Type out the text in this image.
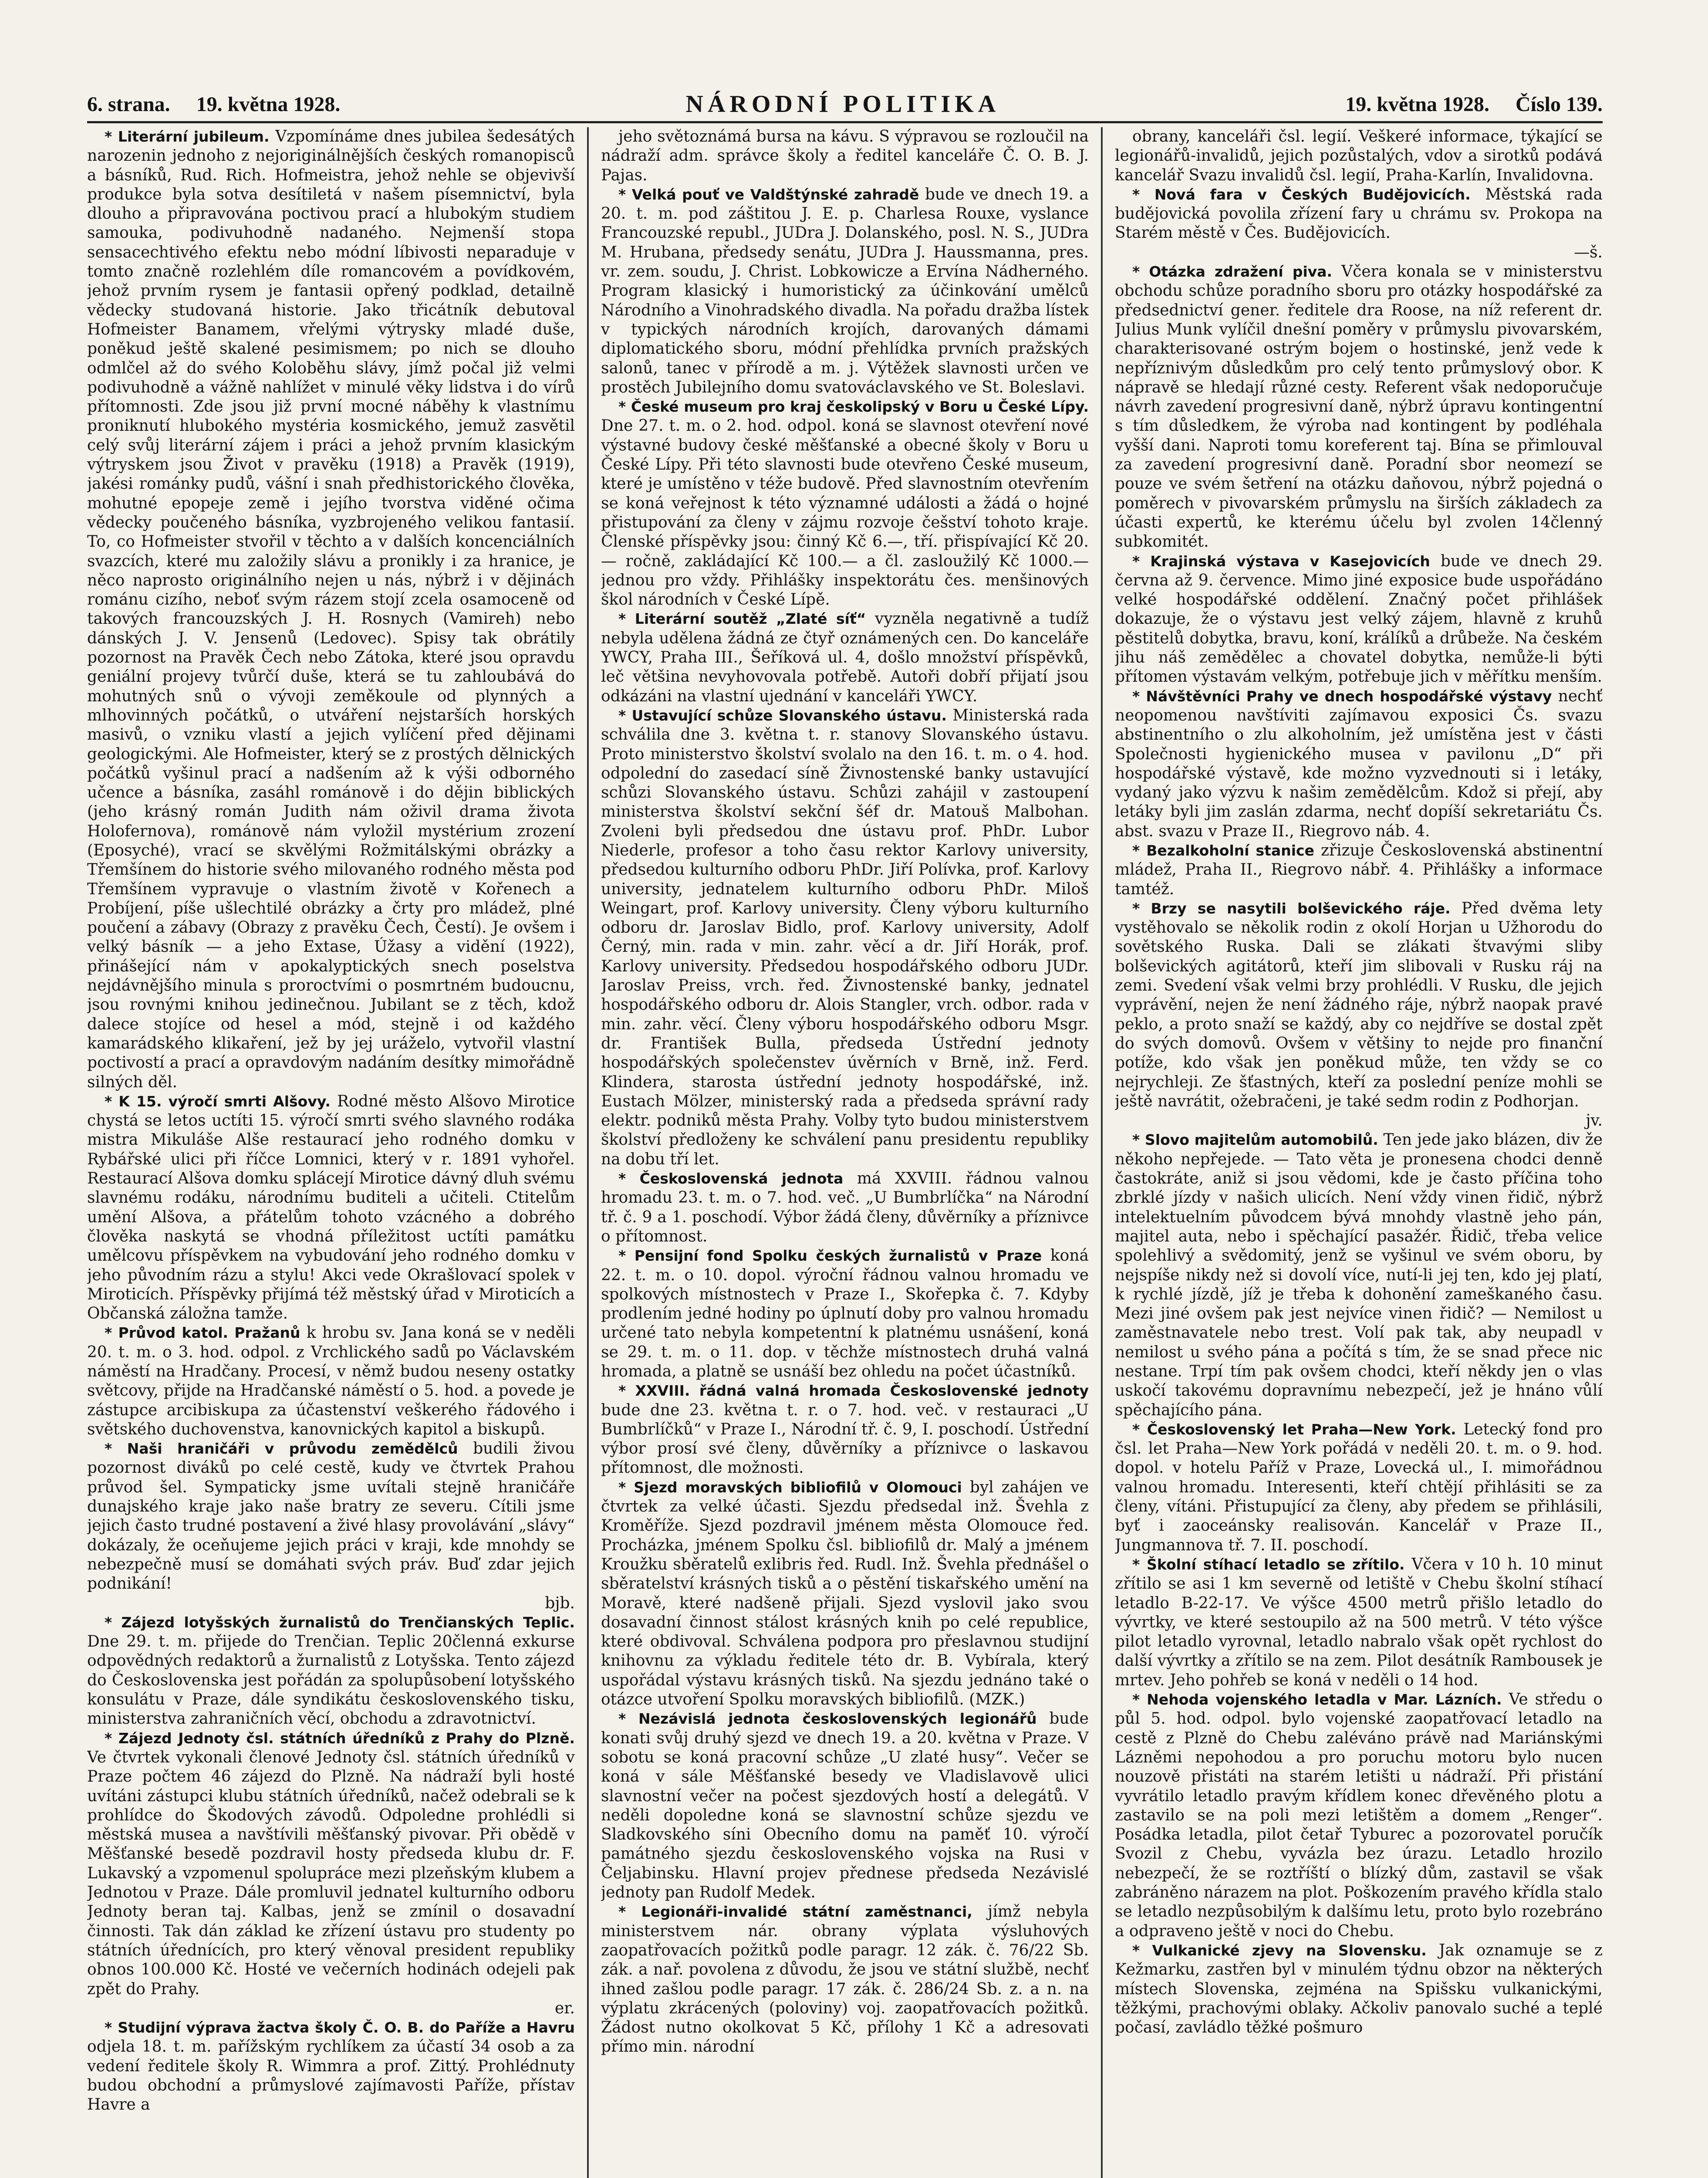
6. strana. 19. května 1928.	NÁRODNÍ POLITIKA	19. května 1928. Číslo 139.

* Literární jubileum. Vzpomínáme dnes jubilea šedesátých narozenin jednoho z nejoriginálnějších českých romanopisců a básníků, Rud. Rich. Hofmeistra, jehož nehle se objevivší produkce byla sotva desítiletá v našem písemnictví, byla dlouho a připravována poctivou prací a hlubokým studiem samouka, podivuhodně nadaného. Nejmenší stopa sensacechtivého efektu nebo módní líbivosti neparaduje v tomto značně rozlehlém díle romancovém a povídkovém, jehož prvním rysem je fantasii opřený podklad, detailně vědecky studovaná historie. Jako třicátník debutoval Hofmeister Banamem, vřelými výtrysky mladé duše, poněkud ještě skalené pesimismem; po nich se dlouho odmlčel až do svého Koloběhu slávy, jímž počal již velmi podivuhodně a vážně nahlížet v minulé věky lidstva i do vírů přítomnosti. Zde jsou již první mocné náběhy k vlastnímu proniknutí hlubokého mystéria kosmického, jemuž zasvětil celý svůj literární zájem i práci a jehož prvním klasickým výtryskem jsou Život v pravěku (1918) a Pravěk (1919), jakési románky pudů, vášní i snah předhistorického člověka, mohutné epopeje země i jejího tvorstva viděné očima vědecky poučeného básníka, vyzbrojeného velikou fantasií. To, co Hofmeister stvořil v těchto a v dalších koncenciálních svazcích, které mu založily slávu a pronikly i za hranice, je něco naprosto originálního nejen u nás, nýbrž i v dějinách románu cizího, neboť svým rázem stojí zcela osamoceně od takových francouzských J. H. Rosnych (Vamireh) nebo dánských J. V. Jensenů (Ledovec). Spisy tak obrátily pozornost na Pravěk Čech nebo Zátoka, které jsou opravdu geniální projevy tvůrčí duše, která se tu zahloubává do mohutných snů o vývoji zeměkoule od plynných a mlhovinných počátků, o utváření nejstarších horských masivů, o vzniku vlastí a jejich vylíčení před dějinami geologickými. Ale Hofmeister, který se z prostých dělnických počátků vyšinul prací a nadšením až k výši odborného učence a básníka, zasáhl románově i do dějin biblických (jeho krásný román Judith nám oživil drama života Holofernova), románově nám vyložil mystérium zrození (Eposyché), vrací se skvělými Rožmitálskými obrázky a Třemšínem do historie svého milovaného rodného města pod Třemšínem vypravuje o vlastním životě v Kořenech a Probíjení, píše ušlechtilé obrázky a črty pro mládež, plné poučení a zábavy (Obrazy z pravěku Čech, Čestí). Je ovšem i velký básník — a jeho Extase, Úžasy a vidění (1922), přinášející nám v apokalyptických snech poselstva nejdávnějšího minula s proroctvími o posmrtném budoucnu, jsou rovnými knihou jedinečnou. Jubilant se z těch, kdož dalece stojíce od hesel a mód, stejně i od každého kamarádského klikaření, jež by jej uráželo, vytvořil vlastní poctivostí a prací a opravdovým nadáním desítky mimořádně silných děl.

* K 15. výročí smrti Alšovy. Rodné město Alšovo Mirotice chystá se letos uctíti 15. výročí smrti svého slavného rodáka mistra Mikuláše Alše restaurací jeho rodného domku v Rybářské ulici při říčce Lomnici, který v r. 1891 vyhořel. Restaurací Alšova domku splácejí Mirotice dávný dluh svému slavnému rodáku, národnímu buditeli a učiteli. Ctitelům umění Alšova, a přátelům tohoto vzácného a dobrého člověka naskytá se vhodná příležitost uctíti památku umělcovu příspěvkem na vybudování jeho rodného domku v jeho původním rázu a stylu! Akci vede Okrašlovací spolek v Miroticích. Příspěvky přijímá též městský úřad v Miroticích a Občanská záložna tamže.

* Průvod katol. Pražanů k hrobu sv. Jana koná se v neděli 20. t. m. o 3. hod. odpol. z Vrchlického sadů po Václavském náměstí na Hradčany. Procesí, v němž budou neseny ostatky světcovy, přijde na Hradčanské náměstí o 5. hod. a povede je zástupce arcibiskupa za účastenství veškerého řádového i světského duchovenstva, kanovnických kapitol a biskupů.

* Naši hraničáři v průvodu zemědělců budili živou pozornost diváků po celé cestě, kudy ve čtvrtek Prahou průvod šel. Sympaticky jsme uvítali stejně hraničáře dunajského kraje jako naše bratry ze severu. Cítili jsme jejich často trudné postavení a živé hlasy provolávání „slávy“ dokázaly, že oceňujeme jejich práci v kraji, kde mnohdy se nebezpečně musí se domáhati svých práv. Buď zdar jejich podnikání!
bjb.

* Zájezd lotyšských žurnalistů do Trenčianských Teplic. Dne 29. t. m. přijede do Trenčian. Teplic 20členná exkurse odpovědných redaktorů a žurnalistů z Lotyšska. Tento zájezd do Československa jest pořádán za spolupůsobení lotyšského konsulátu v Praze, dále syndikátu československého tisku, ministerstva zahraničních věcí, obchodu a zdravotnictví.

* Zájezd Jednoty čsl. státních úředníků z Prahy do Plzně. Ve čtvrtek vykonali členové Jednoty čsl. státních úředníků v Praze počtem 46 zájezd do Plzně. Na nádraží byli hosté uvítáni zástupci klubu státních úředníků, načež odebrali se k prohlídce do Škodových závodů. Odpoledne prohlédli si městská musea a navštívili měšťanský pivovar. Při obědě v Měšťanské besedě pozdravil hosty předseda klubu dr. F. Lukavský a vzpomenul spolupráce mezi plzeňským klubem a Jednotou v Praze. Dále promluvil jednatel kulturního odboru Jednoty beran taj. Kalbas, jenž se zmínil o dosavadní činnosti. Tak dán základ ke zřízení ústavu pro studenty po státních úřednících, pro který věnoval president republiky obnos 100.000 Kč. Hosté ve večerních hodinách odejeli pak zpět do Prahy.
er.

* Studijní výprava žactva školy Č. O. B. do Paříže a Havru odjela 18. t. m. pařížským rychlíkem za účastí 34 osob a za vedení ředitele školy R. Wimmra a prof. Zittý. Prohlédnuty budou obchodní a průmyslové zajímavosti Paříže, přístav Havre a

jeho světoznámá bursa na kávu. S výpravou se rozloučil na nádraží adm. správce školy a ředitel kanceláře Č. O. B. J. Pajas.

* Velká pouť ve Valdštýnské zahradě bude ve dnech 19. a 20. t. m. pod záštitou J. E. p. Charlesa Rouxe, vyslance Francouzské republ., JUDra J. Dolanského, posl. N. S., JUDra M. Hrubana, předsedy senátu, JUDra J. Haussmanna, pres. vr. zem. soudu, J. Christ. Lobkowicze a Ervína Nádherného. Program klasický i humoristický za účinkování umělců Národního a Vinohradského divadla. Na pořadu dražba lístek v typických národních krojích, darovaných dámami diplomatického sboru, módní přehlídka prvních pražských salonů, tanec v přírodě a m. j. Výtěžek slavnosti určen ve prostěch Jubilejního domu svatováclavského ve St. Boleslavi.

* České museum pro kraj českolipský v Boru u České Lípy. Dne 27. t. m. o 2. hod. odpol. koná se slavnost otevření nové výstavné budovy české měšťanské a obecné školy v Boru u České Lípy. Při této slavnosti bude otevřeno České museum, které je umístěno v téže budově. Před slavnostním otevřením se koná veřejnost k této významné události a žádá o hojné přistupování za členy v zájmu rozvoje češství tohoto kraje. Členské příspěvky jsou: činný Kč 6.—, tří. přispívající Kč 20.— ročně, zakládající Kč 100.— a čl. zasloužilý Kč 1000.— jednou pro vždy. Přihlášky inspektorátu čes. menšinových škol národních v České Lípě.

* Literární soutěž „Zlaté síť“ vyzněla negativně a tudíž nebyla udělena žádná ze čtyř oznámených cen. Do kanceláře YWCY, Praha III., Šeříková ul. 4, došlo množství příspěvků, leč většina nevyhovovala potřebě. Autoři dobří přijatí jsou odkázáni na vlastní ujednání v kanceláři YWCY.

* Ustavující schůze Slovanského ústavu. Ministerská rada schválila dne 3. května t. r. stanovy Slovanského ústavu. Proto ministerstvo školství svolalo na den 16. t. m. o 4. hod. odpolední do zasedací síně Živnostenské banky ustavující schůzi Slovanského ústavu. Schůzi zahájil v zastoupení ministerstva školství sekční šéf dr. Matouš Malbohan. Zvoleni byli předsedou dne ústavu prof. PhDr. Lubor Niederle, profesor a toho času rektor Karlovy university, předsedou kulturního odboru PhDr. Jiří Polívka, prof. Karlovy university, jednatelem kulturního odboru PhDr. Miloš Weingart, prof. Karlovy university. Členy výboru kulturního odboru dr. Jaroslav Bidlo, prof. Karlovy university, Adolf Černý, min. rada v min. zahr. věcí a dr. Jiří Horák, prof. Karlovy university. Předsedou hospodářského odboru JUDr. Jaroslav Preiss, vrch. řed. Živnostenské banky, jednatel hospodářského odboru dr. Alois Stangler, vrch. odbor. rada v min. zahr. věcí. Členy výboru hospodářského odboru Msgr. dr. František Bulla, předseda Ústřední jednoty hospodářských společenstev úvěrních v Brně, inž. Ferd. Klindera, starosta ústřední jednoty hospodářské, inž. Eustach Mölzer, ministerský rada a předseda správní rady elektr. podniků města Prahy. Volby tyto budou ministerstvem školství předloženy ke schválení panu presidentu republiky na dobu tří let.

* Československá jednota má XXVIII. řádnou valnou hromadu 23. t. m. o 7. hod. več. „U Bumbrlíčka“ na Národní tř. č. 9 a 1. poschodí. Výbor žádá členy, důvěrníky a příznivce o přítomnost.

* Pensijní fond Spolku českých žurnalistů v Praze koná 22. t. m. o 10. dopol. výroční řádnou valnou hromadu ve spolkových místnostech v Praze I., Skořepka č. 7. Kdyby prodlením jedné hodiny po úplnutí doby pro valnou hromadu určené tato nebyla kompetentní k platnému usnášení, koná se 29. t. m. o 11. dop. v těchže místnostech druhá valná hromada, a platně se usnáší bez ohledu na počet účastníků.

* XXVIII. řádná valná hromada Československé jednoty bude dne 23. května t. r. o 7. hod. več. v restauraci „U Bumbrlíčků“ v Praze I., Národní tř. č. 9, I. poschodí. Ústřední výbor prosí své členy, důvěrníky a příznivce o laskavou přítomnost, dle možnosti.

* Sjezd moravských bibliofilů v Olomouci byl zahájen ve čtvrtek za velké účasti. Sjezdu předsedal inž. Švehla z Kroměříže. Sjezd pozdravil jménem města Olomouce řed. Procházka, jménem Spolku čsl. bibliofilů dr. Malý a jménem Kroužku sběratelů exlibris řed. Rudl. Inž. Švehla přednášel o sběratelství krásných tisků a o pěstění tiskařského umění na Moravě, které nadšeně přijali. Sjezd vyslovil jako svou dosavadní činnost stálost krásných knih po celé republice, které obdivoval. Schválena podpora pro přeslavnou studijní knihovnu za výkladu ředitele této dr. B. Vybírala, který uspořádal výstavu krásných tisků. Na sjezdu jednáno také o otázce utvoření Spolku moravských bibliofilů. (MZK.)

* Nezávislá jednota československých legionářů bude konati svůj druhý sjezd ve dnech 19. a 20. května v Praze. V sobotu se koná pracovní schůze „U zlaté husy“. Večer se koná v sále Měšťanské besedy ve Vladislavově ulici slavnostní večer na počest sjezdových hostí a delegátů. V neděli dopoledne koná se slavnostní schůze sjezdu ve Sladkovského síni Obecního domu na paměť 10. výročí památného sjezdu československého vojska na Rusi v Čeljabinsku. Hlavní projev přednese předseda Nezávislé jednoty pan Rudolf Medek.

* Legionáři-invalidé státní zaměstnanci, jímž nebyla ministerstvem nár. obrany výplata výsluhových zaopatřovacích požitků podle paragr. 12 zák. č. 76/22 Sb. zák. a nař. povolena z důvodu, že jsou ve státní službě, nechť ihned zašlou podle paragr. 17 zák. č. 286/24 Sb. z. a n. na výplatu zkrácených (poloviny) voj. zaopatřovacích požitků. Žádost nutno okolkovat 5 Kč, přílohy 1 Kč a adresovati přímo min. národní

obrany, kanceláři čsl. legií. Veškeré informace, týkající se legionářů-invalidů, jejich pozůstalých, vdov a sirotků podává kancelář Svazu invalidů čsl. legií, Praha-Karlín, Invalidovna.

* Nová fara v Českých Budějovicích. Městská rada budějovická povolila zřízení fary u chrámu sv. Prokopa na Starém městě v Čes. Budějovicích.
—š.

* Otázka zdražení piva. Včera konala se v ministerstvu obchodu schůze poradního sboru pro otázky hospodářské za předsednictví gener. ředitele dra Roose, na níž referent dr. Julius Munk vylíčil dnešní poměry v průmyslu pivovarském, charakterisované ostrým bojem o hostinské, jenž vede k nepříznivým důsledkům pro celý tento průmyslový obor. K nápravě se hledají různé cesty. Referent však nedoporučuje návrh zavedení progresivní daně, nýbrž úpravu kontingentní s tím důsledkem, že výroba nad kontingent by podléhala vyšší dani. Naproti tomu koreferent taj. Bína se přimlouval za zavedení progresivní daně. Poradní sbor neomezí se pouze ve svém šetření na otázku daňovou, nýbrž pojedná o poměrech v pivovarském průmyslu na širších základech za účasti expertů, ke kterému účelu byl zvolen 14členný subkomitét.

* Krajinská výstava v Kasejovicích bude ve dnech 29. června až 9. července. Mimo jiné exposice bude uspořádáno velké hospodářské oddělení. Značný počet přihlášek dokazuje, že o výstavu jest velký zájem, hlavně z kruhů pěstitelů dobytka, bravu, koní, králíků a drůbeže. Na českém jihu náš zemědělec a chovatel dobytka, nemůže-li býti přítomen výstavám velkým, potřebuje jich v měřítku menším.

* Návštěvníci Prahy ve dnech hospodářské výstavy nechť neopomenou navštíviti zajímavou exposici Čs. svazu abstinentního o zlu alkoholním, jež umístěna jest v části Společnosti hygienického musea v pavilonu „D“ při hospodářské výstavě, kde možno vyzvednouti si i letáky, vydaný jako výzvu k našim zemědělcům. Kdož si přejí, aby letáky byli jim zaslán zdarma, nechť dopíší sekretariátu Čs. abst. svazu v Praze II., Riegrovo náb. 4.

* Bezalkoholní stanice zřizuje Československá abstinentní mládež, Praha II., Riegrovo nábř. 4. Přihlášky a informace tamtéž.

* Brzy se nasytili bolševického ráje. Před dvěma lety vystěhovalo se několik rodin z okolí Horjan u Užhorodu do sovětského Ruska. Dali se zlákati štvavými sliby bolševických agitátorů, kteří jim slibovali v Rusku ráj na zemi. Svedení však velmi brzy prohlédli. V Rusku, dle jejich vyprávění, nejen že není žádného ráje, nýbrž naopak pravé peklo, a proto snaží se každý, aby co nejdříve se dostal zpět do svých domovů. Ovšem v většiny to nejde pro finanční potíže, kdo však jen poněkud může, ten vždy se co nejrychleji. Ze šťastných, kteří za poslední peníze mohli se ještě navrátit, ožebračeni, je také sedm rodin z Podhorjan.
jv.

* Slovo majitelům automobilů. Ten jede jako blázen, div že někoho nepřejede. — Tato věta je pronesena chodci denně častokráte, aniž si jsou vědomi, kde je často příčina toho zbrklé jízdy v našich ulicích. Není vždy vinen řidič, nýbrž intelektuelním původcem bývá mnohdy vlastně jeho pán, majitel auta, nebo i spěchající pasažér. Řidič, třeba velice spolehlivý a svědomitý, jenž se vyšinul ve svém oboru, by nejspíše nikdy než si dovolí více, nutí-li jej ten, kdo jej platí, k rychlé jízdě, jíž je třeba k dohonění zameškaného času. Mezi jiné ovšem pak jest nejvíce vinen řidič? — Nemilost u zaměstnavatele nebo trest. Volí pak tak, aby neupadl v nemilost u svého pána a počítá s tím, že se snad přece nic nestane. Trpí tím pak ovšem chodci, kteří někdy jen o vlas uskočí takovému dopravnímu nebezpečí, jež je hnáno vůlí spěchajícího pána.

* Československý let Praha—New York. Letecký fond pro čsl. let Praha—New York pořádá v neděli 20. t. m. o 9. hod. dopol. v hotelu Paříž v Praze, Lovecká ul., I. mimořádnou valnou hromadu. Interesenti, kteří chtějí přihlásiti se za členy, vítáni. Přistupující za členy, aby předem se přihlásili, byť i zaoceánsky realisován. Kancelář v Praze II., Jungmannova tř. 7. II. poschodí.

* Školní stíhací letadlo se zřítilo. Včera v 10 h. 10 minut zřítilo se asi 1 km severně od letiště v Chebu školní stíhací letadlo B-22-17. Ve výšce 4500 metrů přišlo letadlo do vývrtky, ve které sestoupilo až na 500 metrů. V této výšce pilot letadlo vyrovnal, letadlo nabralo však opět rychlost do další vývrtky a zřítilo se na zem. Pilot desátník Rambousek je mrtev. Jeho pohřeb se koná v neděli o 14 hod.

* Nehoda vojenského letadla v Mar. Lázních. Ve středu o půl 5. hod. odpol. bylo vojenské zaopatřovací letadlo na cestě z Plzně do Chebu zaléváno právě nad Mariánskými Lázněmi nepohodou a pro poruchu motoru bylo nucen nouzově přistáti na starém letišti u nádraží. Při přistání vyvrátilo letadlo pravým křídlem konec dřevěného plotu a zastavilo se na poli mezi letištěm a domem „Renger“. Posádka letadla, pilot četař Tyburec a pozorovatel poručík Svozil z Chebu, vyvázla bez úrazu. Letadlo hrozilo nebezpečí, že se roztříští o blízký dům, zastavil se však zabráněno nárazem na plot. Poškozením pravého křídla stalo se letadlo nezpůsobilým k dalšímu letu, proto bylo rozebráno a odpraveno ještě v noci do Chebu.

* Vulkanické zjevy na Slovensku. Jak oznamuje se z Kežmarku, zastřen byl v minulém týdnu obzor na některých místech Slovenska, zejména na Spišsku vulkanickými, těžkými, prachovými oblaky. Ačkoliv panovalo suché a teplé počasí, zavládlo těžké pošmuro
